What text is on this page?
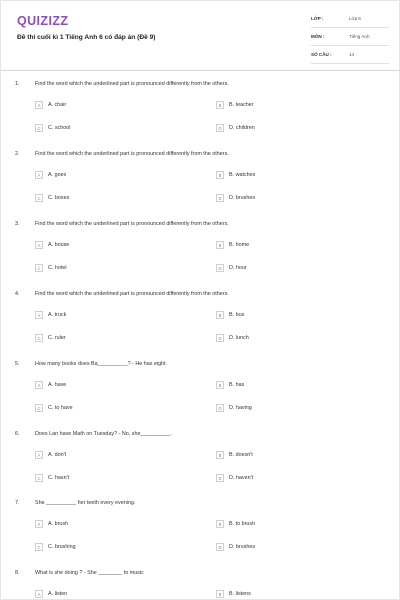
QUIZIZZ
Đề thi cuối kì 1 Tiếng Anh 6 có đáp án (Đề 9)
LỚP :	Lớp 6
MÔN :	Tiếng Anh
SỐ CÂU :	14
1.	Find the word which the underlined part is pronounced differently from the others.
A	A. chair	B	B. teacher
C	C. school	D	D. children
2.	Find the word which the underlined part is pronounced differently from the others.
A	A. goes	B	B. watches
C	C. boxes	D	D. brushes
3.	Find the word which the underlined part is pronounced differently from the others.
A	A. house	B	B. home
C	C. hotel	D	D. hour
4.	Find the word which the underlined part is pronounced differently from the others.
A	A. truck	B	B. bus
C	C. ruler	D	D. lunch
5.	How many books does Ba__________? - He has eight.
A	A. have	B	B. has
C	C. to have	D	D. having
6.	Does Lan have Math on Tuesday? - No, she__________.
A	A. don't	B	B. doesn't
C	C. hasn't	D	D. haven't
7.	She __________ her teeth every evening.
A	A. brush	B	B. to brush
C	C. brushing	D	D. brushes
8.	What is she doing ? - She ________ to music
A	A. listen	B	B. listens
